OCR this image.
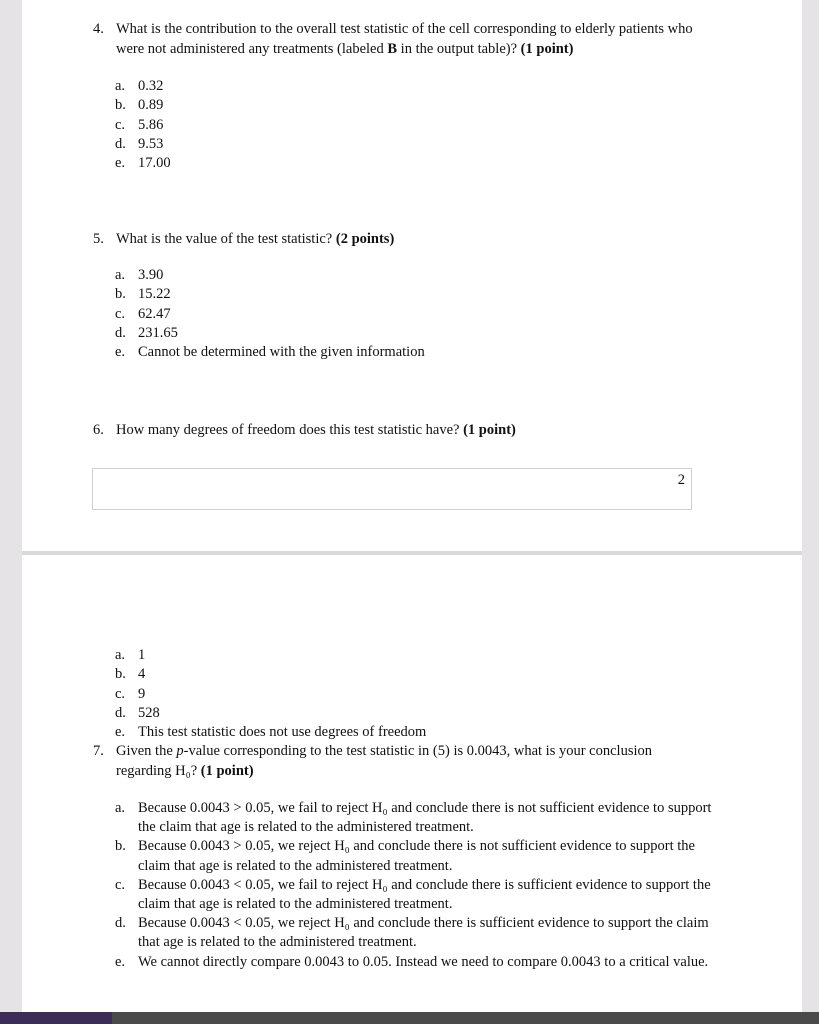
4. What is the contribution to the overall test statistic of the cell corresponding to elderly patients who were not administered any treatments (labeled B in the output table)? (1 point)
a. 0.32
b. 0.89
c. 5.86
d. 9.53
e. 17.00
5. What is the value of the test statistic? (2 points)
a. 3.90
b. 15.22
c. 62.47
d. 231.65
e. Cannot be determined with the given information
6. How many degrees of freedom does this test statistic have? (1 point)
2
a. 1
b. 4
c. 9
d. 528
e. This test statistic does not use degrees of freedom
7. Given the p-value corresponding to the test statistic in (5) is 0.0043, what is your conclusion regarding H₀? (1 point)
a. Because 0.0043 > 0.05, we fail to reject H₀ and conclude there is not sufficient evidence to support the claim that age is related to the administered treatment.
b. Because 0.0043 > 0.05, we reject H₀ and conclude there is not sufficient evidence to support the claim that age is related to the administered treatment.
c. Because 0.0043 < 0.05, we fail to reject H₀ and conclude there is sufficient evidence to support the claim that age is related to the administered treatment.
d. Because 0.0043 < 0.05, we reject H₀ and conclude there is sufficient evidence to support the claim that age is related to the administered treatment.
e. We cannot directly compare 0.0043 to 0.05. Instead we need to compare 0.0043 to a critical value.
